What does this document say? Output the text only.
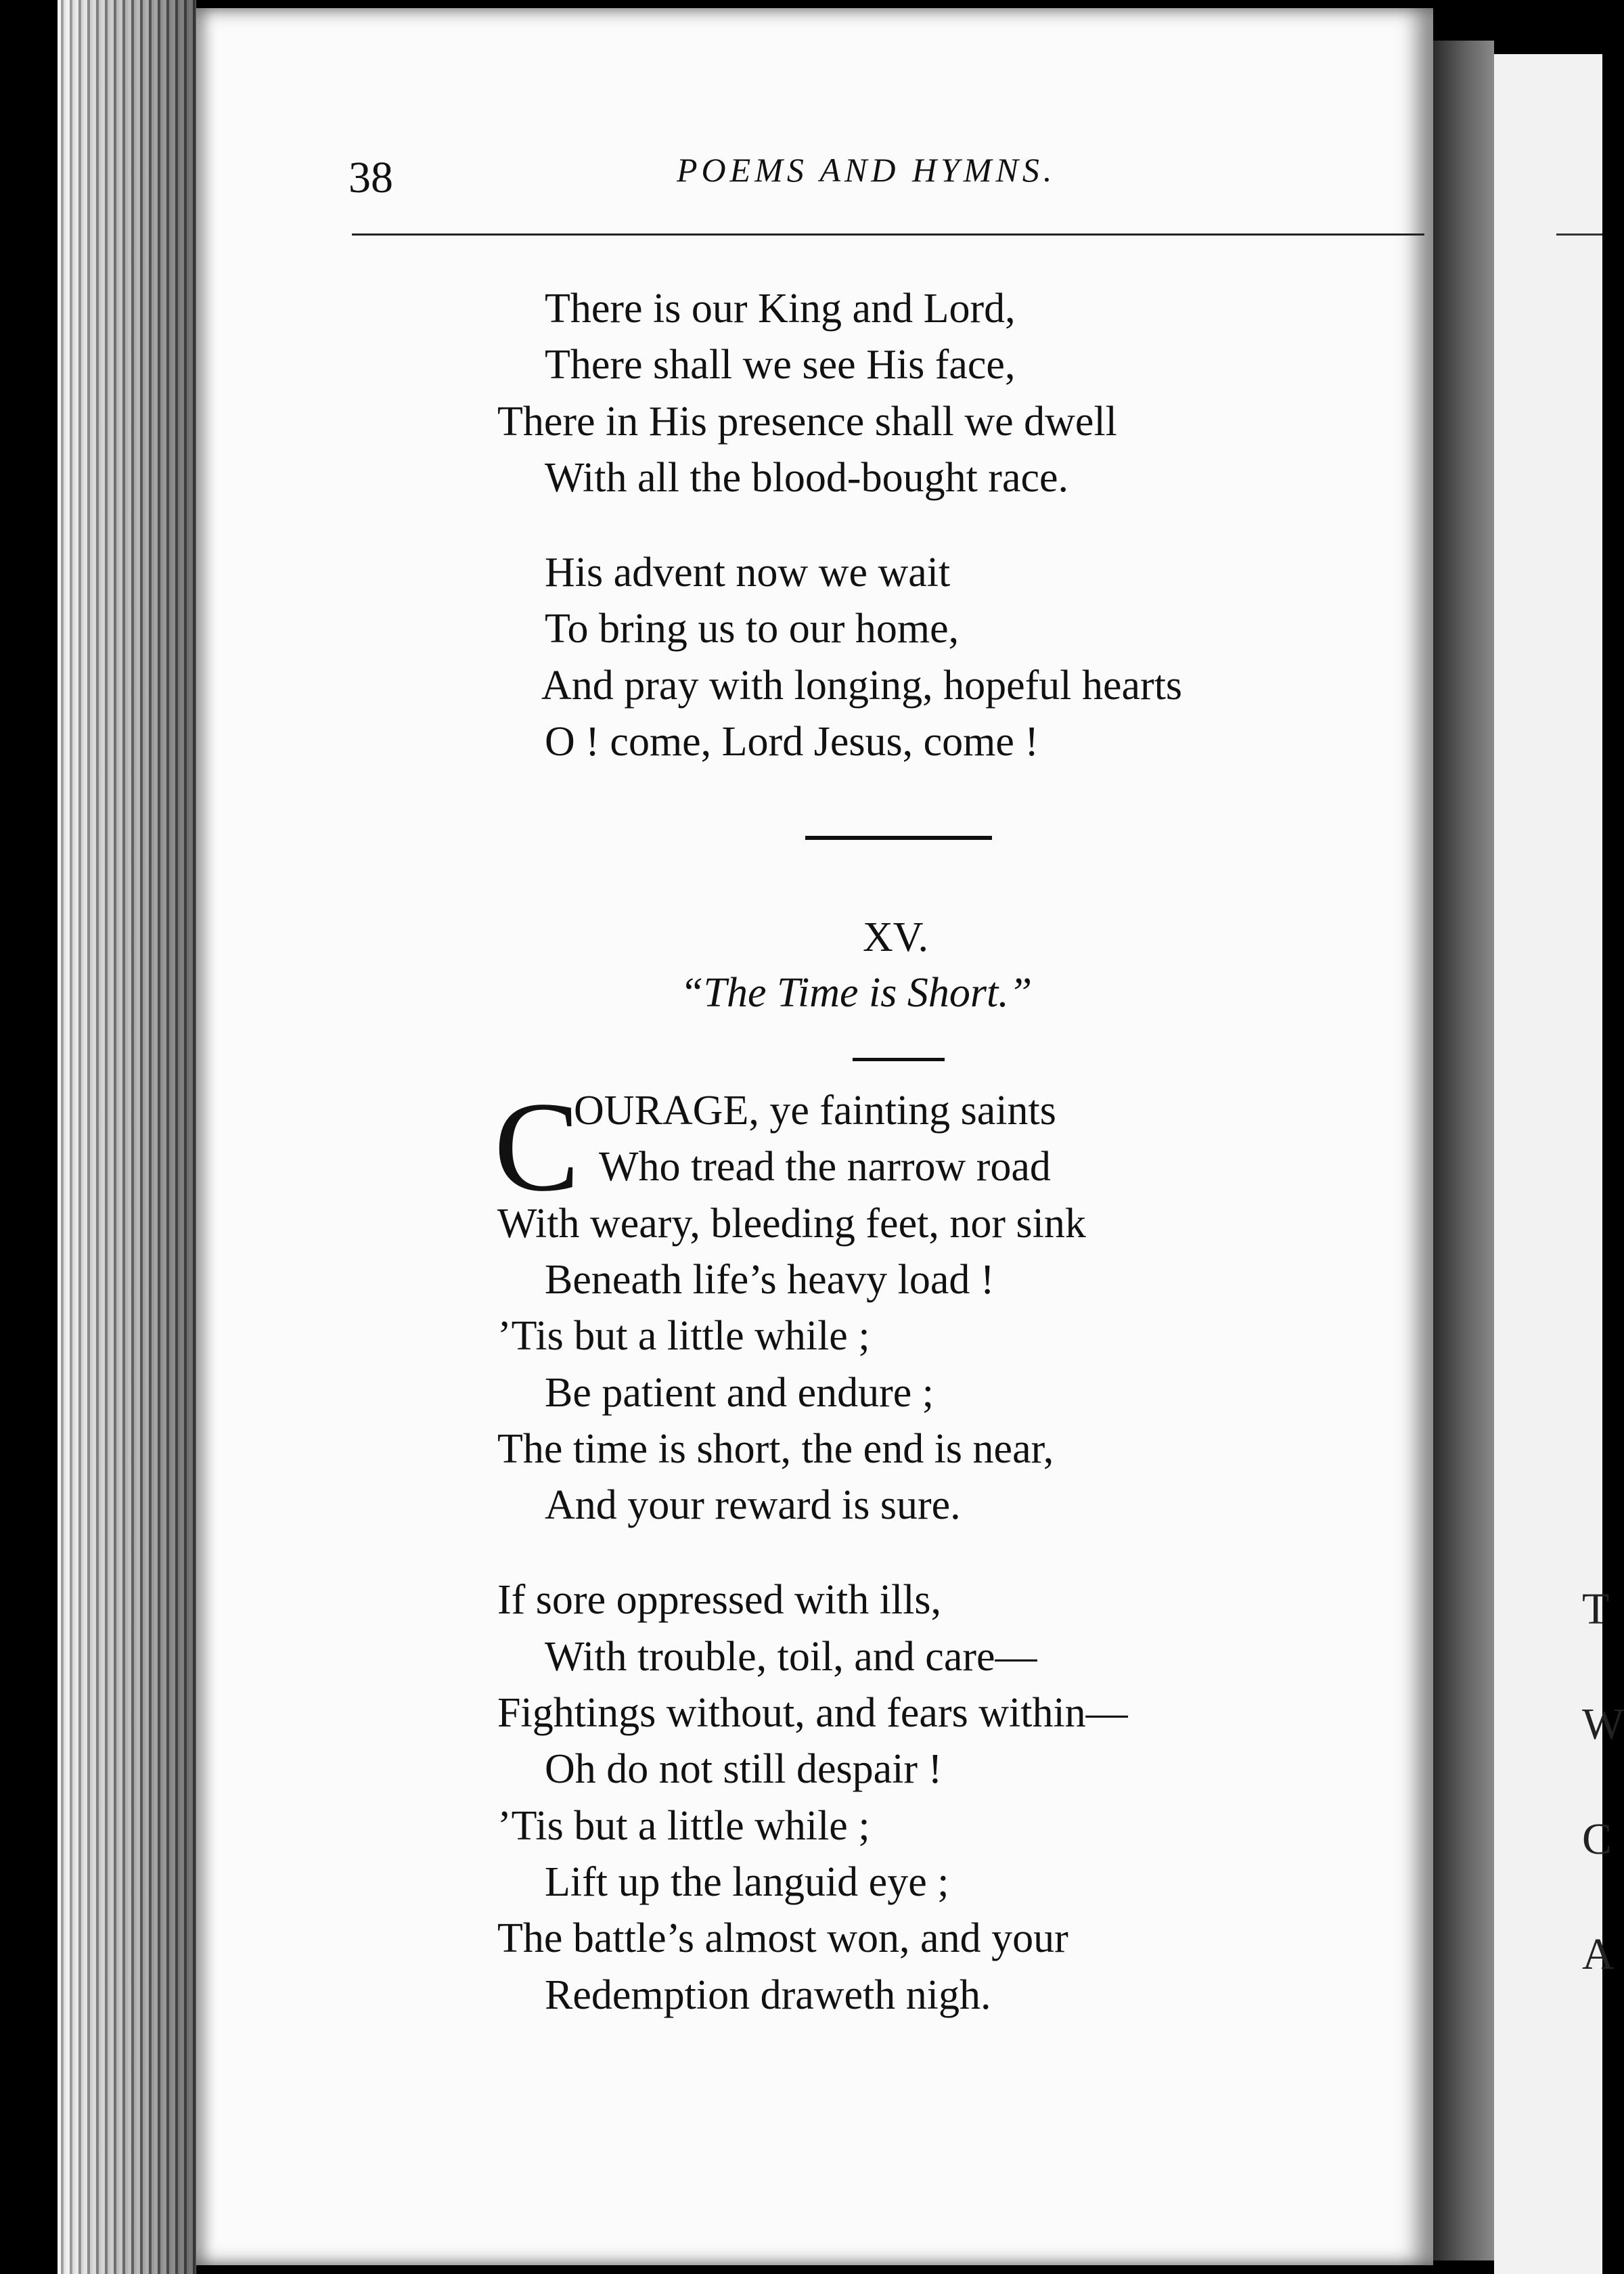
T
W
C
A
38	POEMS AND HYMNS.
There is our King and Lord,
There shall we see His face,
There in His presence shall we dwell
With all the blood-bought race.
His advent now we wait
To bring us to our home,
And pray with longing, hopeful hearts
O ! come, Lord Jesus, come !
XV.
“The Time is Short.”
C
OURAGE, ye fainting saints
Who tread the narrow road
With weary, bleeding feet, nor sink
Beneath life’s heavy load !
’Tis but a little while ;
Be patient and endure ;
The time is short, the end is near,
And your reward is sure.
If sore oppressed with ills,
With trouble, toil, and care—
Fightings without, and fears within—
Oh do not still despair !
’Tis but a little while ;
Lift up the languid eye ;
The battle’s almost won, and your
Redemption draweth nigh.
